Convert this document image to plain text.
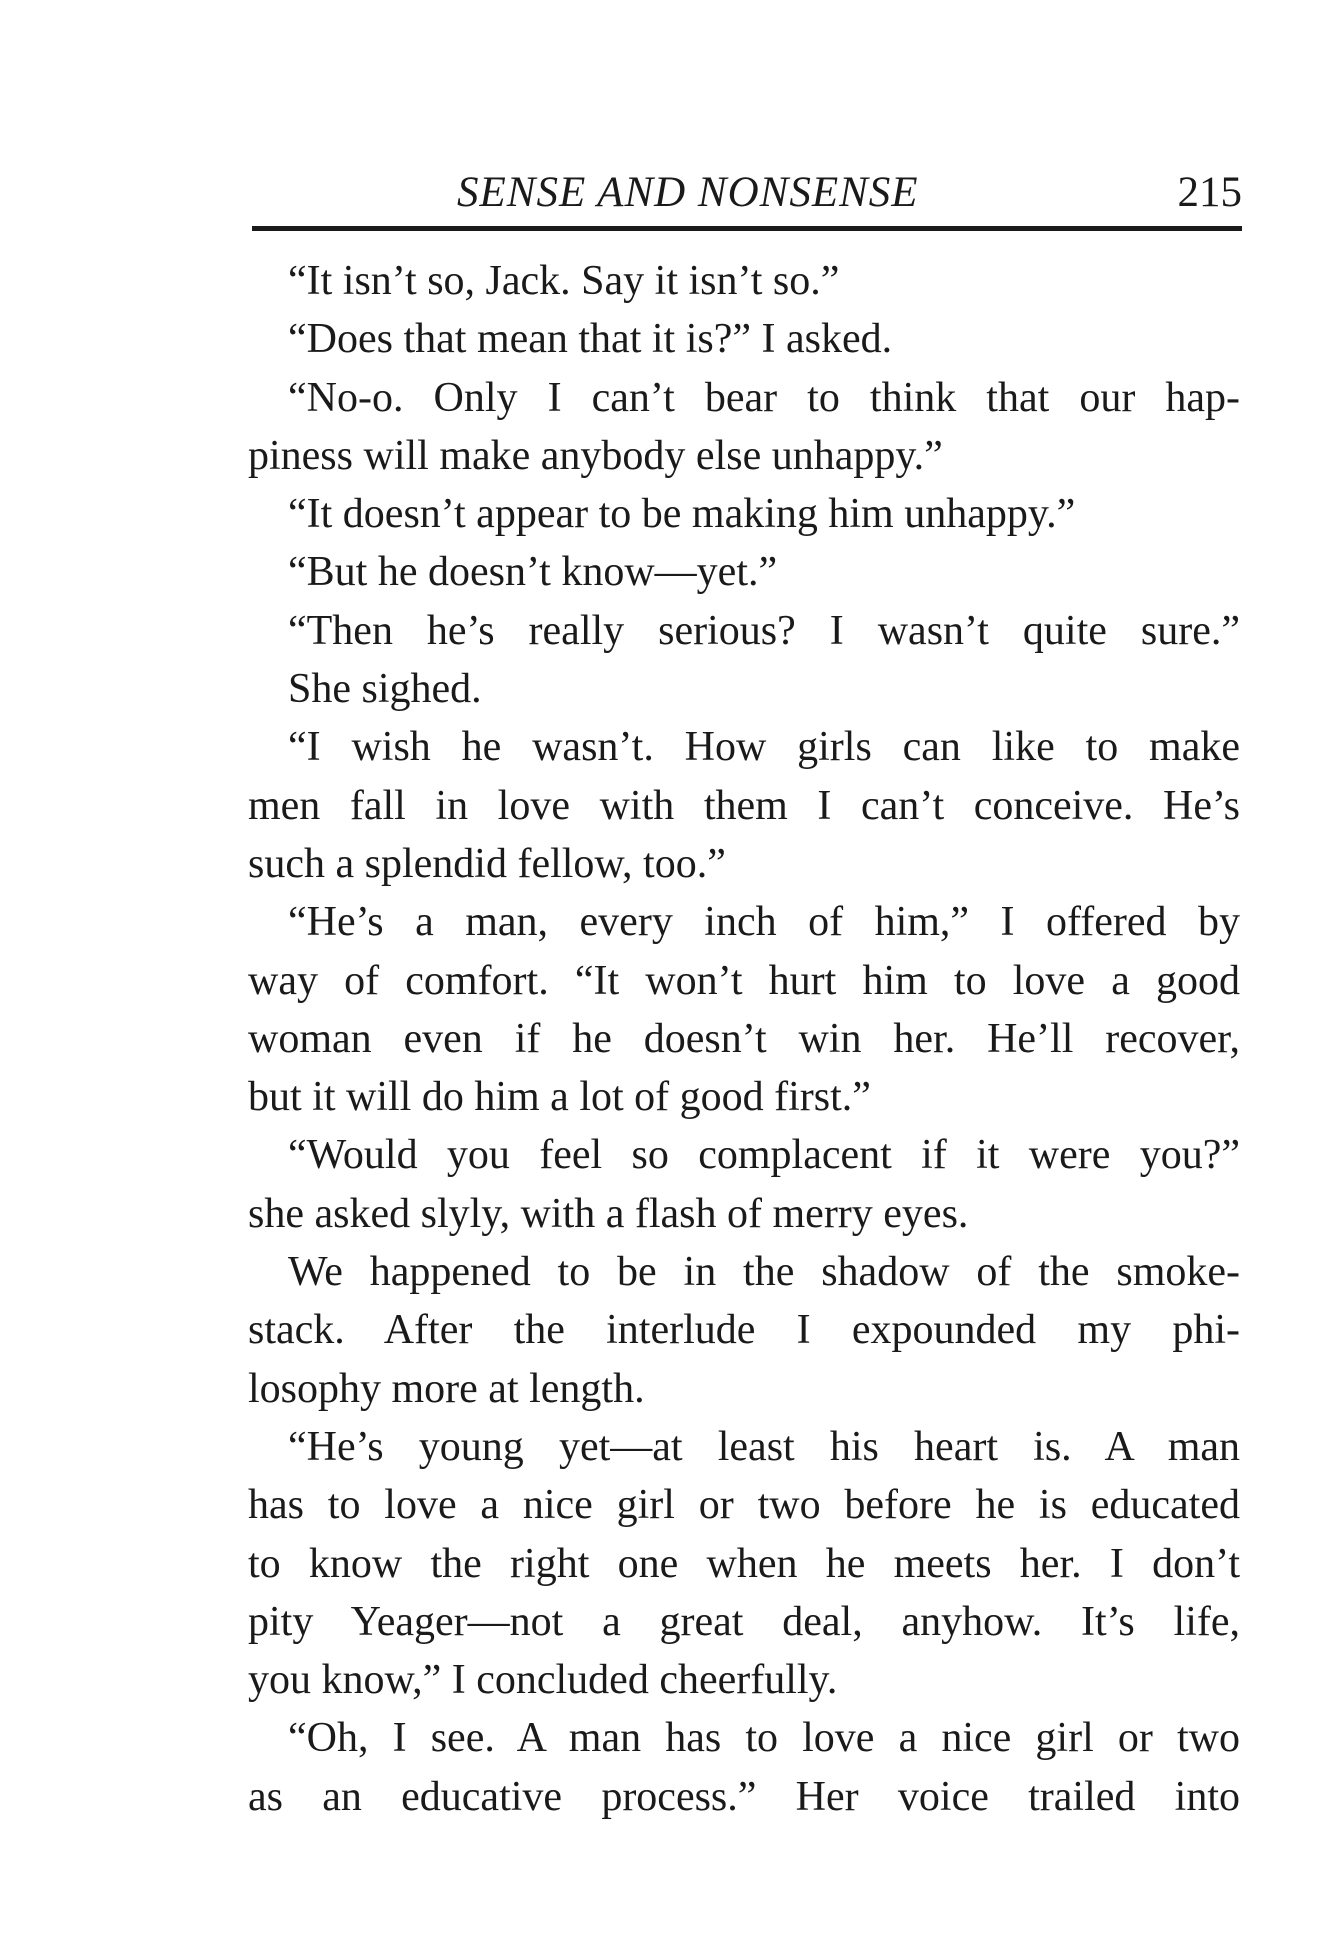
SENSE AND NONSENSE	215
“It isn’t so, Jack. Say it isn’t so.”
“Does that mean that it is?” I asked.
“No-o. Only I can’t bear to think that our hap-
piness will make anybody else unhappy.”
“It doesn’t appear to be making him unhappy.”
“But he doesn’t know—yet.”
“Then he’s really serious? I wasn’t quite sure.”
She sighed.
“I wish he wasn’t. How girls can like to make
men fall in love with them I can’t conceive. He’s
such a splendid fellow, too.”
“He’s a man, every inch of him,” I offered by
way of comfort. “It won’t hurt him to love a good
woman even if he doesn’t win her. He’ll recover,
but it will do him a lot of good first.”
“Would you feel so complacent if it were you?”
she asked slyly, with a flash of merry eyes.
We happened to be in the shadow of the smoke-
stack. After the interlude I expounded my phi-
losophy more at length.
“He’s young yet—at least his heart is. A man
has to love a nice girl or two before he is educated
to know the right one when he meets her. I don’t
pity Yeager—not a great deal, anyhow. It’s life,
you know,” I concluded cheerfully.
“Oh, I see. A man has to love a nice girl or two
as an educative process.” Her voice trailed into
